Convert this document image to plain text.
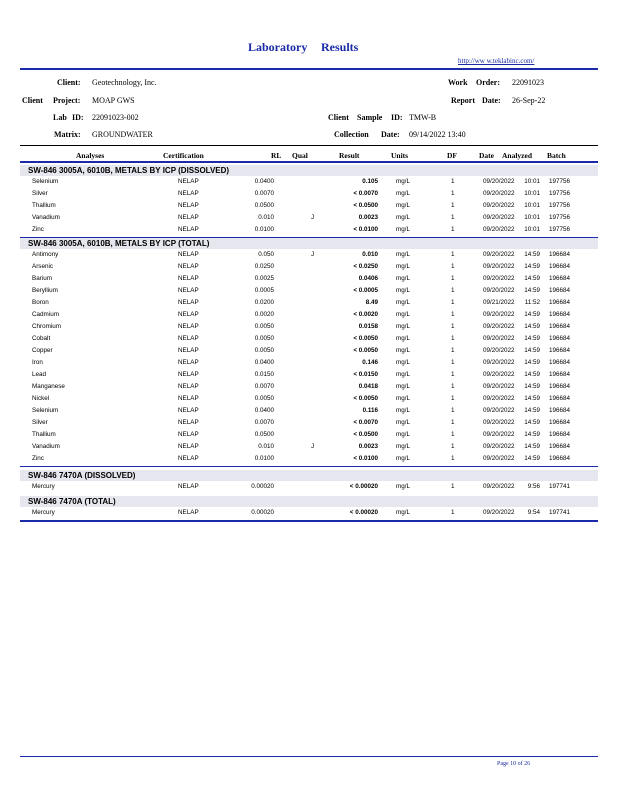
Laboratory Results
http://ww w.teklabinc.com/
Client: Geotechnology, Inc.
Client Project: MOAP GWS
Lab ID: 22091023-002
Matrix: GROUNDWATER
Work Order: 22091023
Report Date: 26-Sep-22
Client Sample ID: TMW-B
Collection Date: 09/14/2022 13:40
Analyses	Certification	RL Qual	Result	Units	DF	Date Analyzed Batch
SW-846 3005A, 6010B, METALS BY ICP (DISSOLVED)
Selenium	NELAP	0.0400	0.105	mg/L	1	09/20/2022 10:01 197756
Silver	NELAP	0.0070	< 0.0070	mg/L	1	09/20/2022 10:01 197756
Thallium	NELAP	0.0500	< 0.0500	mg/L	1	09/20/2022 10:01 197756
Vanadium	NELAP	0.010	J	0.0023	mg/L	1	09/20/2022 10:01 197756
Zinc	NELAP	0.0100	< 0.0100	mg/L	1	09/20/2022 10:01 197756
SW-846 3005A, 6010B, METALS BY ICP (TOTAL)
Antimony	NELAP	0.050	J	0.010	mg/L	1	09/20/2022 14:59 196684
Arsenic	NELAP	0.0250	< 0.0250	mg/L	1	09/20/2022 14:59 196684
Barium	NELAP	0.0025	0.0406	mg/L	1	09/20/2022 14:59 196684
Beryllium	NELAP	0.0005	< 0.0005	mg/L	1	09/20/2022 14:59 196684
Boron	NELAP	0.0200	8.49	mg/L	1	09/21/2022 11:52 196684
Cadmium	NELAP	0.0020	< 0.0020	mg/L	1	09/20/2022 14:59 196684
Chromium	NELAP	0.0050	0.0158	mg/L	1	09/20/2022 14:59 196684
Cobalt	NELAP	0.0050	< 0.0050	mg/L	1	09/20/2022 14:59 196684
Copper	NELAP	0.0050	< 0.0050	mg/L	1	09/20/2022 14:59 196684
Iron	NELAP	0.0400	0.146	mg/L	1	09/20/2022 14:59 196684
Lead	NELAP	0.0150	< 0.0150	mg/L	1	09/20/2022 14:59 196684
Manganese	NELAP	0.0070	0.0418	mg/L	1	09/20/2022 14:59 196684
Nickel	NELAP	0.0050	< 0.0050	mg/L	1	09/20/2022 14:59 196684
Selenium	NELAP	0.0400	0.116	mg/L	1	09/20/2022 14:59 196684
Silver	NELAP	0.0070	< 0.0070	mg/L	1	09/20/2022 14:59 196684
Thallium	NELAP	0.0500	< 0.0500	mg/L	1	09/20/2022 14:59 196684
Vanadium	NELAP	0.010	J	0.0023	mg/L	1	09/20/2022 14:59 196684
Zinc	NELAP	0.0100	< 0.0100	mg/L	1	09/20/2022 14:59 196684
SW-846 7470A (DISSOLVED)
Mercury	NELAP	0.00020	< 0.00020	mg/L	1	09/20/2022	9:56 197741
SW-846 7470A (TOTAL)
Mercury	NELAP	0.00020	< 0.00020	mg/L	1	09/20/2022	9:54 197741
Page 10 of 26
